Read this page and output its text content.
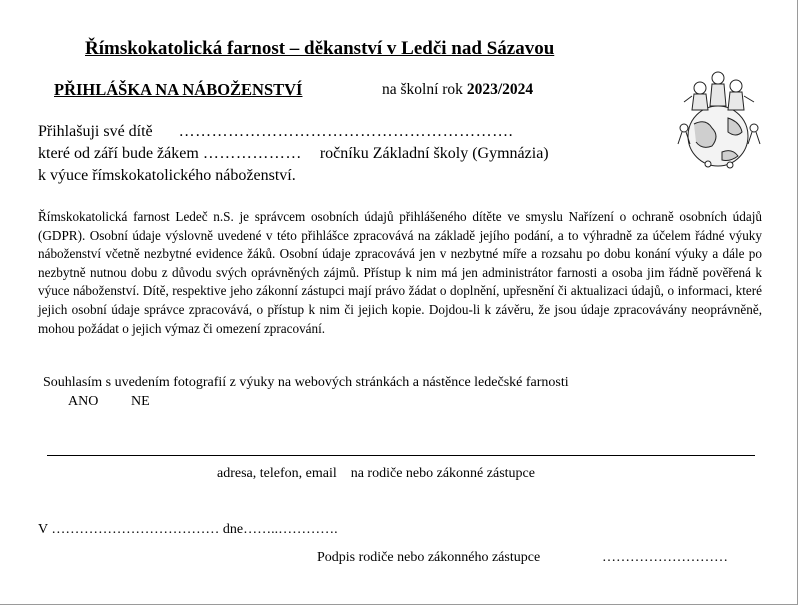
Římskokatolická farnost – děkanství v Ledči nad Sázavou
PŘIHLÁŠKA NA NÁBOŽENSTVÍ	na školní rok 2023/2024
Přihlašuji své dítě …………………………………………………….
které od září bude žákem ……………… ročníku Základní školy (Gymnázia)
k výuce římskokatolického náboženství.
Římskokatolická farnost Ledeč n.S. je správcem osobních údajů přihlášeného dítěte ve smyslu Nařízení o ochraně osobních údajů (GDPR). Osobní údaje výslovně uvedené v této přihlášce zpracovává na základě jejího podání, a to výhradně za účelem řádné výuky náboženství včetně nezbytné evidence žáků. Osobní údaje zpracovává jen v nezbytné míře a rozsahu po dobu konání výuky a dále po nezbytně nutnou dobu z důvodu svých oprávněných zájmů. Přístup k nim má jen administrátor farnosti a osoba jim řádně pověřená k výuce náboženství. Dítě, respektive jeho zákonní zástupci mají právo žádat o doplnění, upřesnění či aktualizaci údajů, o informaci, které jejich osobní údaje správce zpracovává, o přístup k nim či jejich kopie. Dojdou-li k závěru, že jsou údaje zpracovávány neoprávněně, mohou požádat o jejich výmaz či omezení zpracování.
Souhlasím s uvedením fotografií z výuky na webových stránkách a nástěnce ledečské farnosti
ANO NE
adresa, telefon, email na rodiče nebo zákonné zástupce
V ……………………………… dne……..………….
Podpis rodiče nebo zákonného zástupce	………………………
